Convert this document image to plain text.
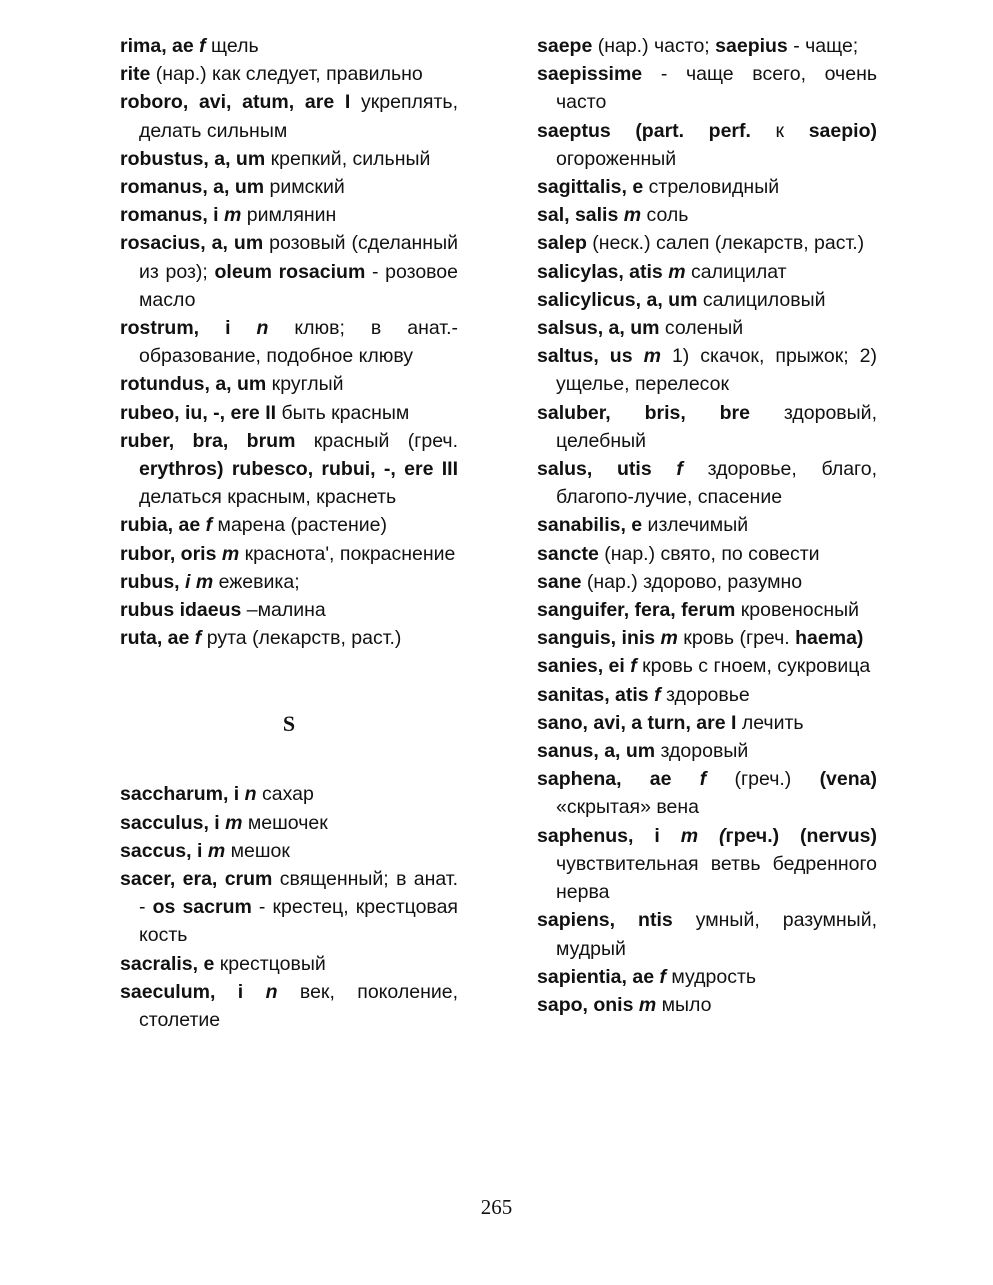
rima, ae f щель
rite (нар.) как следует, правильно
roboro, avi, atum, are I укреплять, делать сильным
robustus, a, um крепкий, сильный
romanus, a, um римский
romanus, i m римлянин
rosacius, a, um розовый (сделанный из роз); oleum rosacium - розовое масло
rostrum, i n клюв; в анат.- образование, подобное клюву
rotundus, a, um круглый
rubeo, iu, -, ere II быть красным
ruber, bra, brum красный (греч. erythros) rubesco, rubui, -, ere III делаться красным, краснеть
rubia, ae f марена (растение)
rubor, oris m краснота', покраснение
rubus, i m ежевика;
rubus idaeus –малина
ruta, ae f рута (лекарств, раст.)
S
saccharum, i n сахар
sacculus, i m мешочек
saccus, i m мешок
sacer, era, crum священный; в анат. - os sacrum - крестец, крестцовая кость
sacralis, e крестцовый
saeculum, i n век, поколение, столетие
saepe (нар.) часто; saepius - чаще;
saepissime - чаще всего, очень часто
saeptus (part. perf. к saepio) огороженный
sagittalis, e стреловидный
sal, salis m соль
salep (неск.) салеп (лекарств, раст.)
salicylas, atis m салицилат
salicylicus, a, um салициловый
salsus, a, um соленый
saltus, us m 1) скачок, прыжок; 2) ущелье, перелесок
saluber, bris, bre здоровый, целебный
salus, utis f здоровье, благо, благопо-лучие, спасение
sanabilis, e излечимый
sancte (нар.) свято, по совести
sane (нар.) здорово, разумно
sanguifer, fera, ferum кровеносный
sanguis, inis m кровь (греч. haema)
sanies, ei f кровь с гноем, сукровица
sanitas, atis f здоровье
sano, avi, a turn, are I лечить
sanus, a, um здоровый
saphena, ae f (греч.) (vena) «скрытая» вена
saphenus, i m (греч.) (nervus) чувствительная ветвь бедренного нерва
sapiens, ntis умный, разумный, мудрый
sapientia, ae f мудрость
sapo, onis m мыло
265
